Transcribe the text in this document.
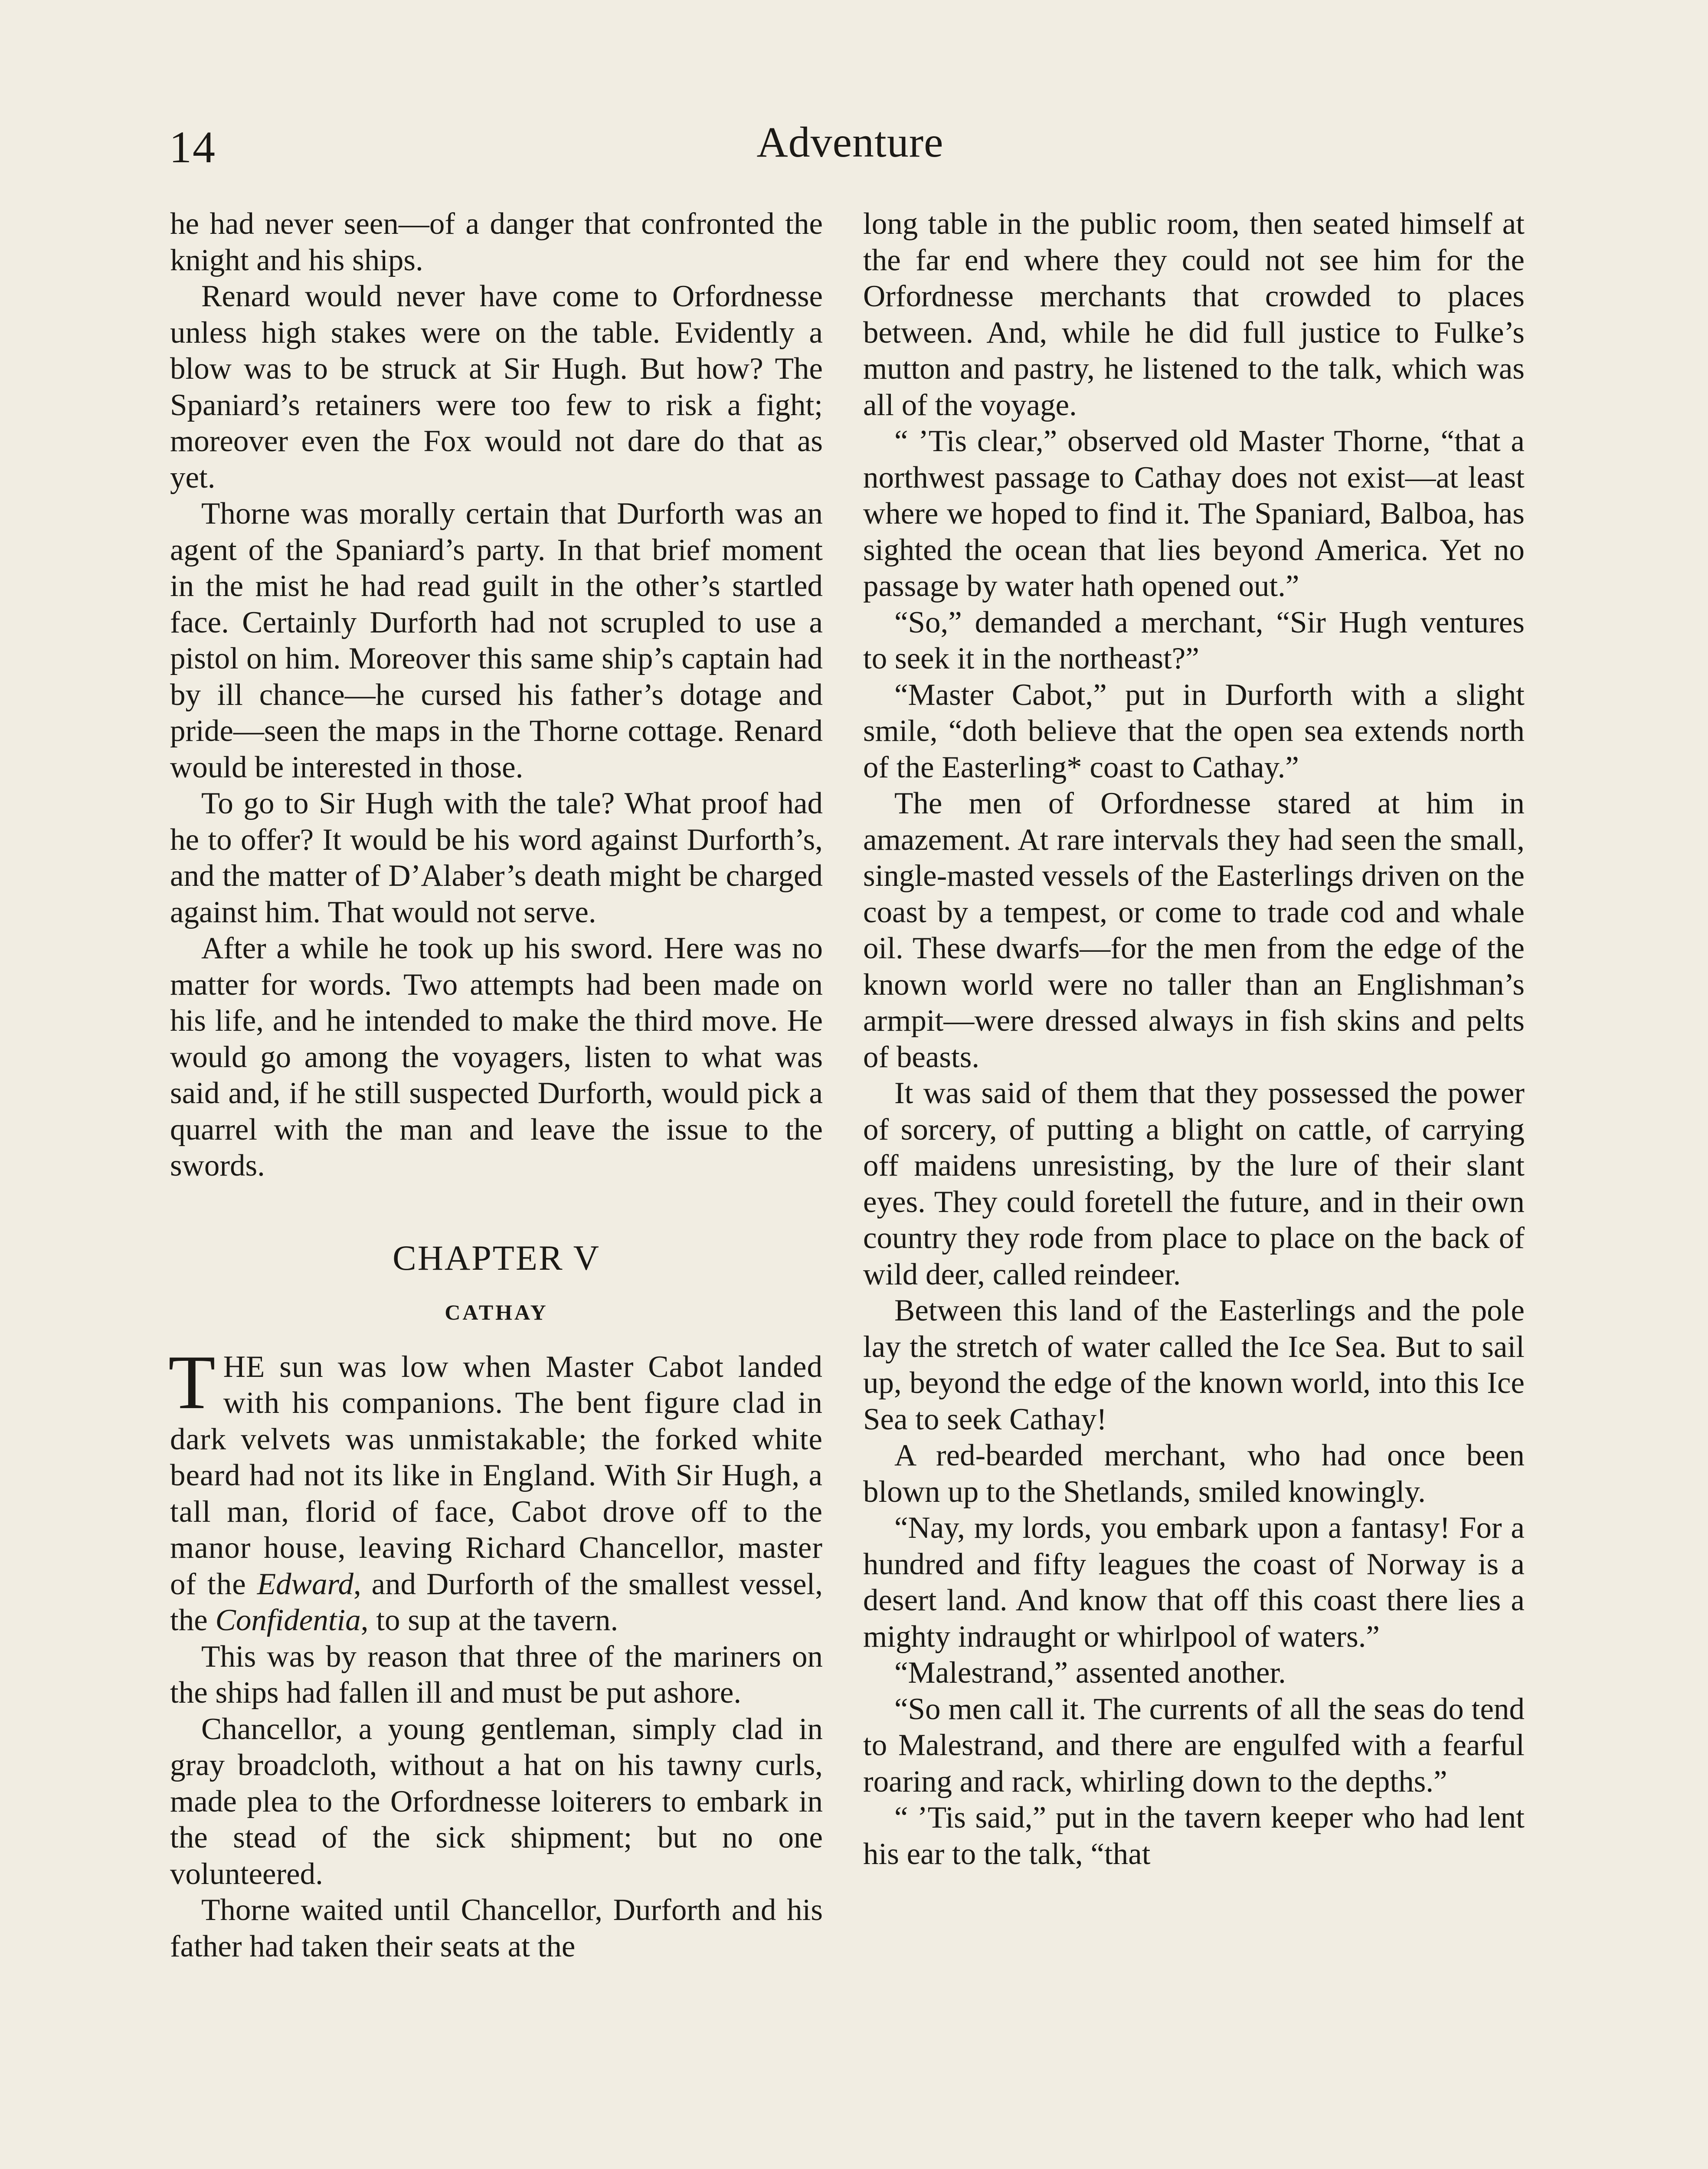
14	Adventure

he had never seen—of a danger that confronted the knight and his ships.

Renard would never have come to Orfordnesse unless high stakes were on the table. Evidently a blow was to be struck at Sir Hugh. But how? The Spaniard’s retainers were too few to risk a fight; moreover even the Fox would not dare do that as yet.

Thorne was morally certain that Durforth was an agent of the Spaniard’s party. In that brief moment in the mist he had read guilt in the other’s startled face. Certainly Durforth had not scrupled to use a pistol on him. Moreover this same ship’s captain had by ill chance—he cursed his father’s dotage and pride—seen the maps in the Thorne cottage. Renard would be interested in those.

To go to Sir Hugh with the tale? What proof had he to offer? It would be his word against Durforth’s, and the matter of D’Alaber’s death might be charged against him. That would not serve.

After a while he took up his sword. Here was no matter for words. Two attempts had been made on his life, and he intended to make the third move. He would go among the voyagers, listen to what was said and, if he still suspected Durforth, would pick a quarrel with the man and leave the issue to the swords.

CHAPTER V
CATHAY

THE sun was low when Master Cabot landed with his companions. The bent figure clad in dark velvets was unmistakable; the forked white beard had not its like in England. With Sir Hugh, a tall man, florid of face, Cabot drove off to the manor house, leaving Richard Chancellor, master of the Edward, and Durforth of the smallest vessel, the Confidentia, to sup at the tavern.

This was by reason that three of the mariners on the ships had fallen ill and must be put ashore.

Chancellor, a young gentleman, simply clad in gray broadcloth, without a hat on his tawny curls, made plea to the Orfordnesse loiterers to embark in the stead of the sick shipment; but no one volunteered.

Thorne waited until Chancellor, Durforth and his father had taken their seats at the

long table in the public room, then seated himself at the far end where they could not see him for the Orfordnesse merchants that crowded to places between. And, while he did full justice to Fulke’s mutton and pastry, he listened to the talk, which was all of the voyage.

“ ’Tis clear,” observed old Master Thorne, “that a northwest passage to Cathay does not exist—at least where we hoped to find it. The Spaniard, Balboa, has sighted the ocean that lies beyond America. Yet no passage by water hath opened out.”

“So,” demanded a merchant, “Sir Hugh ventures to seek it in the northeast?”

“Master Cabot,” put in Durforth with a slight smile, “doth believe that the open sea extends north of the Easterling* coast to Cathay.”

The men of Orfordnesse stared at him in amazement. At rare intervals they had seen the small, single-masted vessels of the Easterlings driven on the coast by a tempest, or come to trade cod and whale oil. These dwarfs—for the men from the edge of the known world were no taller than an Englishman’s armpit—were dressed always in fish skins and pelts of beasts.

It was said of them that they possessed the power of sorcery, of putting a blight on cattle, of carrying off maidens unresisting, by the lure of their slant eyes. They could foretell the future, and in their own country they rode from place to place on the back of wild deer, called reindeer.

Between this land of the Easterlings and the pole lay the stretch of water called the Ice Sea. But to sail up, beyond the edge of the known world, into this Ice Sea to seek Cathay!

A red-bearded merchant, who had once been blown up to the Shetlands, smiled knowingly.

“Nay, my lords, you embark upon a fantasy! For a hundred and fifty leagues the coast of Norway is a desert land. And know that off this coast there lies a mighty indraught or whirlpool of waters.”

“Malestrand,” assented another.

“So men call it. The currents of all the seas do tend to Malestrand, and there are engulfed with a fearful roaring and rack, whirling down to the depths.”

“ ’Tis said,” put in the tavern keeper who had lent his ear to the talk, “that
